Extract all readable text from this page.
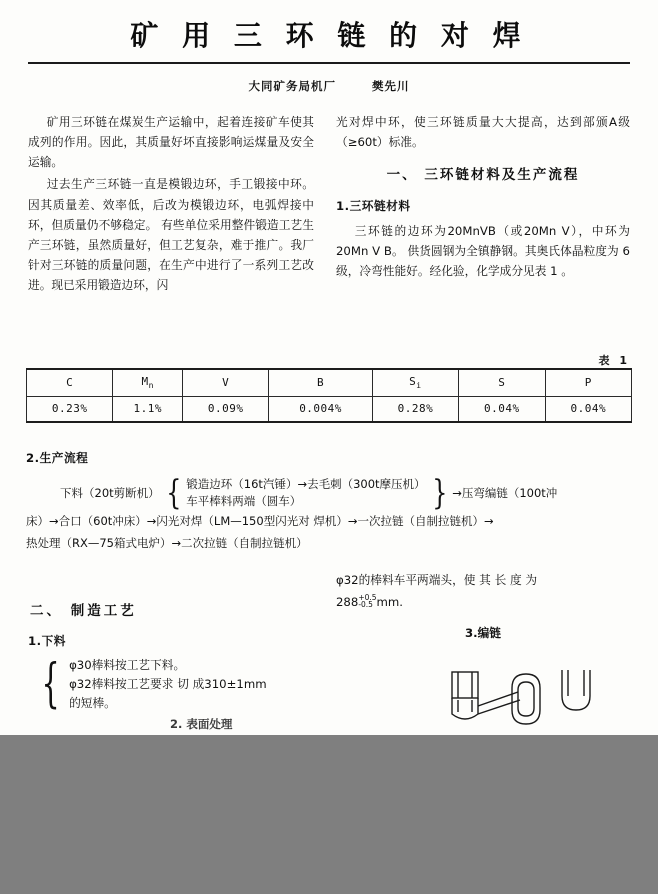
矿 用 三 环 链 的 对 焊
大同矿务局机厂	樊先川

矿用三环链在煤炭生产运输中，起着连接矿车使其成列的作用。因此，其质量好坏直接影响运煤量及安全运输。

过去生产三环链一直是模锻边环，手工锻接中环。因其质量差、效率低，后改为模锻边环，电弧焊接中环，但质量仍不够稳定。 有些单位采用整件锻造工艺生产三环链，虽然质量好，但工艺复杂，难于推广。我厂针对三环链的质量问题，在生产中进行了一系列工艺改进。现已采用锻造边环，闪

光对焊中环，使三环链质量大大提高，达到部颁A级（≥60t）标准。

一、 三环链材料及生产流程
1.三环链材料

三环链的边环为20MnVB（或20Mn V），中环为20Mn V B。 供货圆钢为全镇静钢。其奥氏体晶粒度为 6 级，冷弯性能好。经化验，化学成分见表 1 。

表 1
C	$M_n$	V	B	$S_i$	S	P
0.23%	1.1%	0.09%	0.004%	0.28%	0.04%	0.04%
2.生产流程
下料（20t剪断机） { 锻造边环（16t汽锤）→去毛刺（300t摩压机）
车平棒料两端（圆车）	} →压弯编链（100t冲
床）→合口（60t冲床）→闪光对焊（LM—150型闪光对 焊机）→一次拉链（自制拉链机）→
热处理（RX—75箱式电炉）→二次拉链（自制拉链机）
二、 制造工艺
1.下料
{ φ30棒料按工艺下料。
φ32棒料按工艺要求 切 成310±1mm
的短棒。
2. 表面处理

φ32的棒料车平两端头，使 其 长 度 为

288 +0.5
-0.5 mm.

3.编链
